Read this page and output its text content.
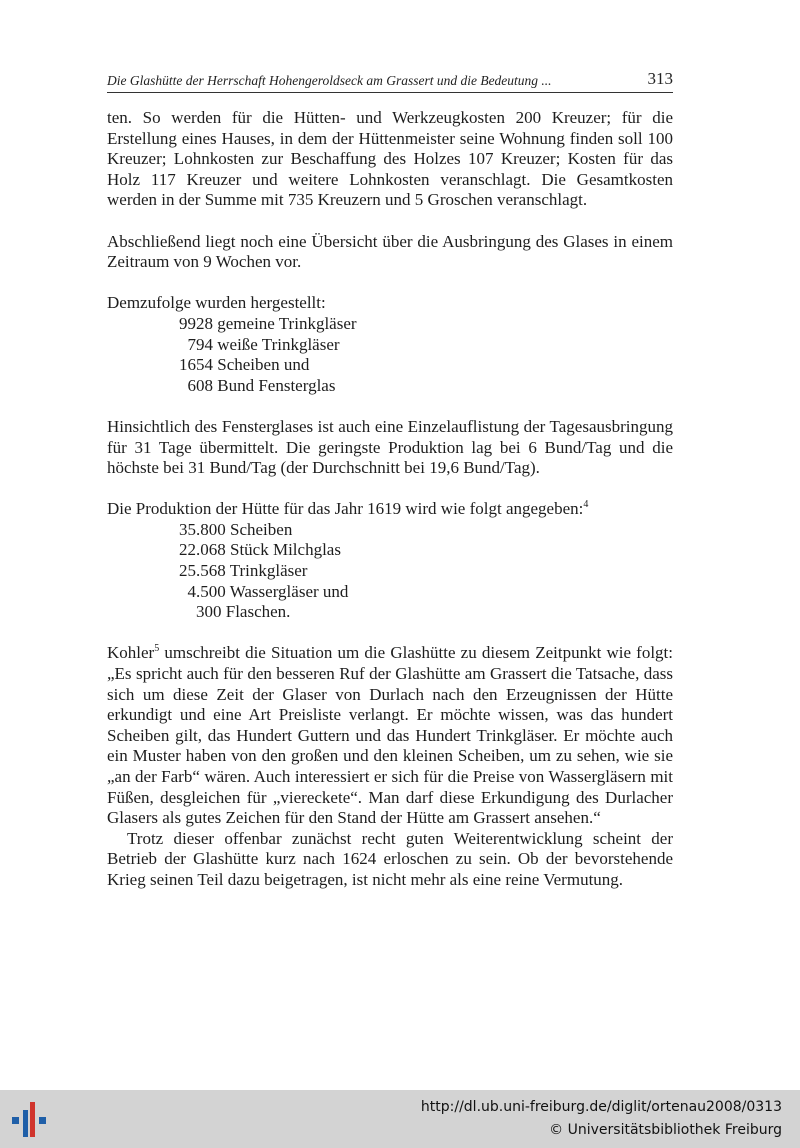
Die Glashütte der Herrschaft Hohengeroldseck am Grassert und die Bedeutung ...	313

ten. So werden für die Hütten- und Werkzeugkosten 200 Kreuzer; für die Erstellung eines Hauses, in dem der Hüttenmeister seine Wohnung finden soll 100 Kreuzer; Lohnkosten zur Beschaffung des Holzes 107 Kreuzer; Kosten für das Holz 117 Kreuzer und weitere Lohnkosten veranschlagt. Die Gesamtkosten werden in der Summe mit 735 Kreuzern und 5 Groschen veranschlagt.

Abschließend liegt noch eine Übersicht über die Ausbringung des Glases in einem Zeitraum von 9 Wochen vor.

Demzufolge wurden hergestellt:

9928 gemeine Trinkgläser
794 weiße Trinkgläser
1654 Scheiben und
608 Bund Fensterglas

Hinsichtlich des Fensterglases ist auch eine Einzelauflistung der Tagesausbringung für 31 Tage übermittelt. Die geringste Produktion lag bei 6 Bund/Tag und die höchste bei 31 Bund/Tag (der Durchschnitt bei 19,6 Bund/Tag).

Die Produktion der Hütte für das Jahr 1619 wird wie folgt angegeben:$^4$

35.800 Scheiben
22.068 Stück Milchglas
25.568 Trinkgläser
4.500 Wassergläser und
300 Flaschen.

Kohler$^5$ umschreibt die Situation um die Glashütte zu diesem Zeitpunkt wie folgt: „Es spricht auch für den besseren Ruf der Glashütte am Grassert die Tatsache, dass sich um diese Zeit der Glaser von Durlach nach den Erzeugnissen der Hütte erkundigt und eine Art Preisliste verlangt. Er möchte wissen, was das hundert Scheiben gilt, das Hundert Guttern und das Hundert Trinkgläser. Er möchte auch ein Muster haben von den großen und den kleinen Scheiben, um zu sehen, wie sie „an der Farb“ wären. Auch interessiert er sich für die Preise von Wassergläsern mit Füßen, desgleichen für „viereckete“. Man darf diese Erkundigung des Durlacher Glasers als gutes Zeichen für den Stand der Hütte am Grassert ansehen.“

Trotz dieser offenbar zunächst recht guten Weiterentwicklung scheint der Betrieb der Glashütte kurz nach 1624 erloschen zu sein. Ob der bevorstehende Krieg seinen Teil dazu beigetragen, ist nicht mehr als eine reine Vermutung.

http://dl.ub.uni-freiburg.de/diglit/ortenau2008/0313
© Universitätsbibliothek Freiburg
